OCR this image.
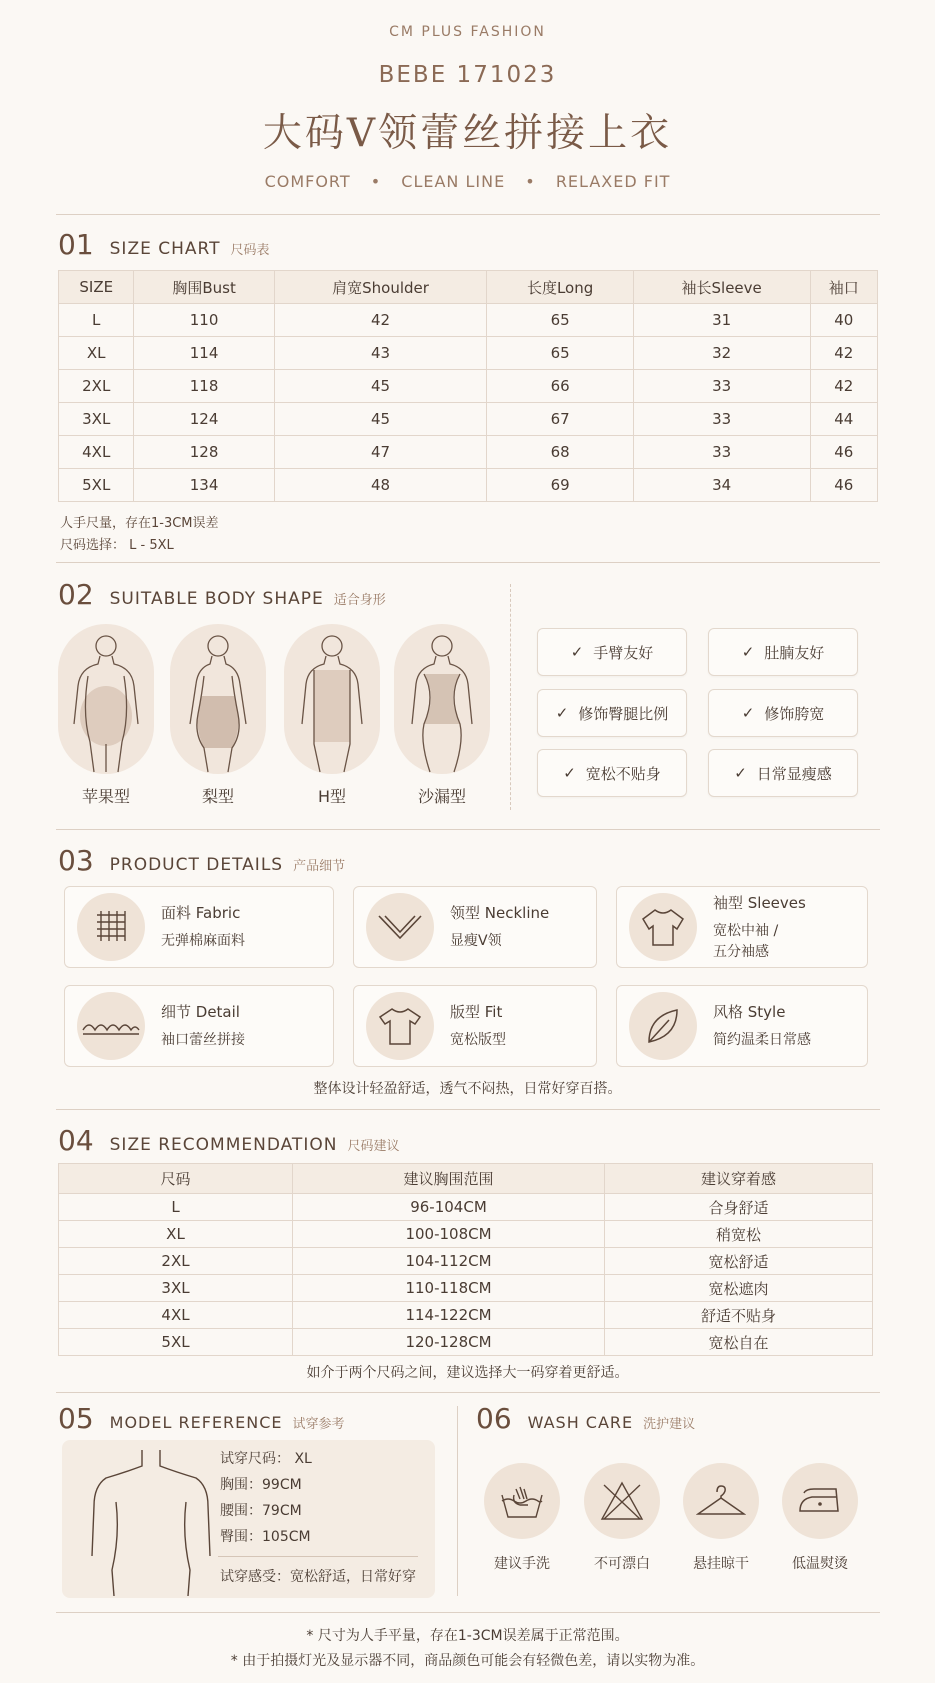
CM PLUS FASHION
BEBE 171023
大码V领蕾丝拼接上衣
COMFORT • CLEAN LINE • RELAXED FIT
01 SIZE CHART 尺码表
SIZE	胸围Bust	肩宽Shoulder	长度Long	袖长Sleeve	袖口
L	110	42	65	31	40
XL	114	43	65	32	42
2XL	118	45	66	33	42
3XL	124	45	67	33	44
4XL	128	47	68	33	46
5XL	134	48	69	34	46
人手尺量，存在1-3CM误差
尺码选择： L - 5XL
02 SUITABLE BODY SHAPE 适合身形
苹果型	梨型	H型	沙漏型
✓ 手臂友好	✓ 肚腩友好
✓ 修饰臀腿比例	✓ 修饰胯宽
✓ 宽松不贴身	✓ 日常显瘦感
03 PRODUCT DETAILS 产品细节
面料 Fabric
无弹棉麻面料
领型 Neckline
显瘦V领
袖型 Sleeves
宽松中袖 /
五分袖感
细节 Detail
袖口蕾丝拼接
版型 Fit
宽松版型
风格 Style
简约温柔日常感
整体设计轻盈舒适，透气不闷热，日常好穿百搭。
04 SIZE RECOMMENDATION 尺码建议
尺码	建议胸围范围	建议穿着感
L	96-104CM	合身舒适
XL	100-108CM	稍宽松
2XL	104-112CM	宽松舒适
3XL	110-118CM	宽松遮肉
4XL	114-122CM	舒适不贴身
5XL	120-128CM	宽松自在
如介于两个尺码之间，建议选择大一码穿着更舒适。
05 MODEL REFERENCE 试穿参考
试穿尺码： XL
胸围：99CM
腰围：79CM
臀围：105CM
试穿感受：宽松舒适，日常好穿
06 WASH CARE 洗护建议
建议手洗	不可漂白	悬挂晾干	低温熨烫
* 尺寸为人手平量，存在1-3CM误差属于正常范围。
* 由于拍摄灯光及显示器不同，商品颜色可能会有轻微色差，请以实物为准。
